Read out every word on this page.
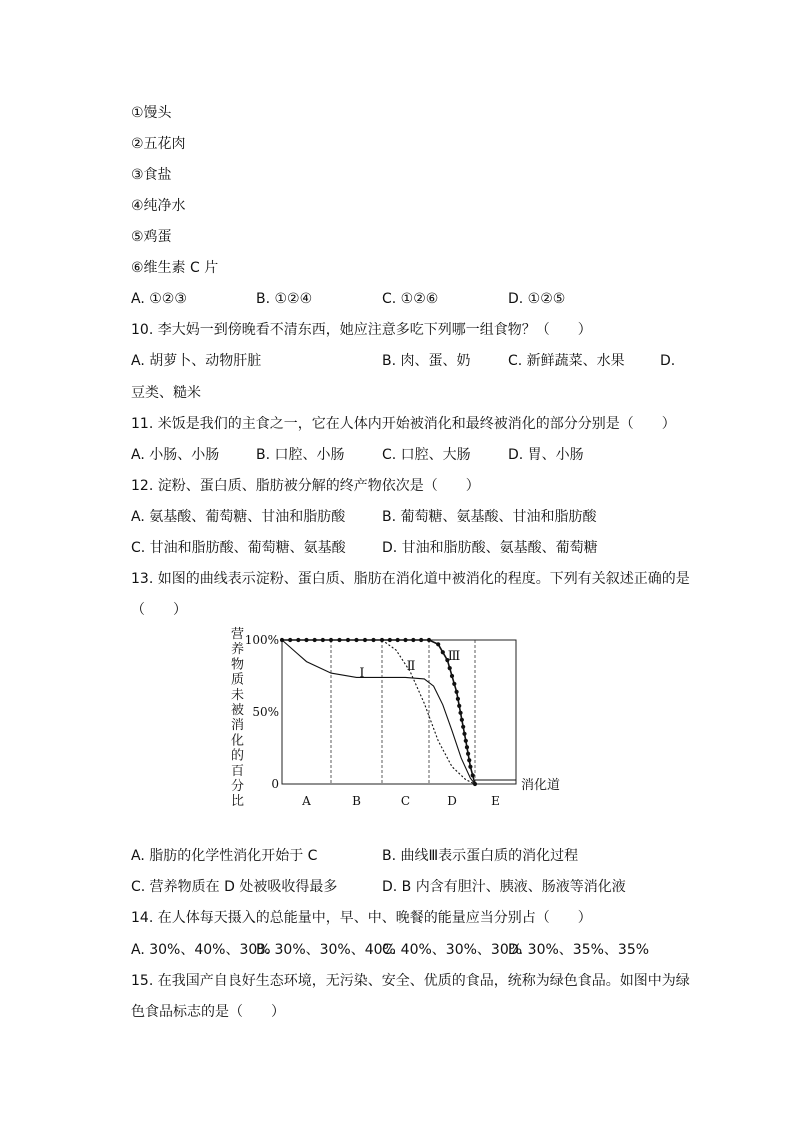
①馒头
②五花肉
③食盐
④纯净水
⑤鸡蛋
⑥维生素 C 片
A. ①②③	B. ①②④	C. ①②⑥	D. ①②⑤
10. 李大妈一到傍晚看不清东西，她应注意多吃下列哪一组食物？（　　）
A. 胡萝卜、动物肝脏	B. 肉、蛋、奶	C. 新鲜蔬菜、水果	D.
豆类、糙米
11. 米饭是我们的主食之一，它在人体内开始被消化和最终被消化的部分分别是（　　）
A. 小肠、小肠	B. 口腔、小肠	C. 口腔、大肠	D. 胃、小肠
12. 淀粉、蛋白质、脂肪被分解的终产物依次是（　　）
A. 氨基酸、葡萄糖、甘油和脂肪酸	B. 葡萄糖、氨基酸、甘油和脂肪酸
C. 甘油和脂肪酸、葡萄糖、氨基酸	D. 甘油和脂肪酸、氨基酸、葡萄糖
13. 如图的曲线表示淀粉、蛋白质、脂肪在消化道中被消化的程度。下列有关叙述正确的是
（　　）
营
养
物
质
未
被
消
化
的
百
分
比
100%
50%
0
A	B	C	D	E
Ⅰ	Ⅱ
Ⅲ
消化道
A. 脂肪的化学性消化开始于 C	B. 曲线Ⅲ表示蛋白质的消化过程
C. 营养物质在 D 处被吸收得最多	D. B 内含有胆汁、胰液、肠液等消化液
14. 在人体每天摄入的总能量中，早、中、晚餐的能量应当分别占（　　）
A. 30%、40%、30%
B. 30%、30%、40%
C. 40%、30%、30%
D. 30%、35%、35%
15. 在我国产自良好生态环境，无污染、安全、优质的食品，统称为绿色食品。如图中为绿
色食品标志的是（　　）
